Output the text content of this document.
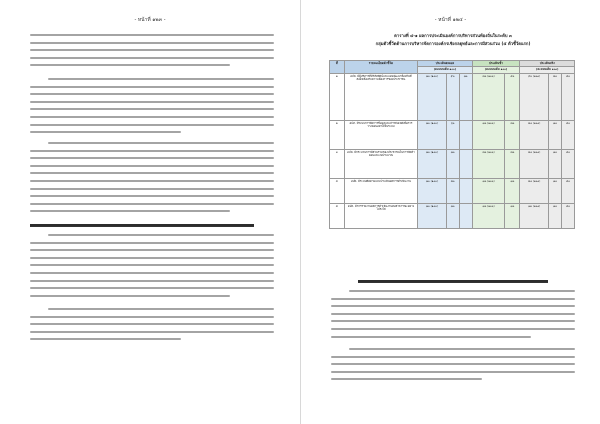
- หน้าที่ ๑๒๓ -	- หน้าที่ ๑๒๔ -
ตารางที่ ๔-๑ ผลการประเมินองค์การบริหารส่วนท้องถิ่นในระดับ ๓
กลุ่มตัวชี้วัดด้านการบริหารจัดการองค์กรเชิงกลยุทธ์และการมีส่วนร่วม (๕ ตัวชี้วัดแรก)
ที่	รายละเอียดตัวชี้วัด	ประเมินตนเอง			ประเมินซ้ำ		ประเมินจริง		
		(คะแนนเต็ม ๑๐๐)			(คะแนนเต็ม ๑๐๐)		(คะแนนเต็ม ๑๐๐)		
๑	อปท. มีผู้บริหารที่มีวิสัยทัศน์และแผนพัฒนาท้องถิ่นที่สอดคล้องกับความต้องการของประชาชน	๗๐ (๑๐๐)	๙๐	๗๐	๘๐ (๑๐๐)	๕๐	๙๐ (๑๐๐)	๘๐	๕๐
๒	อปท. มีระบบการจัดการข้อมูลและสารสนเทศเพื่อการวางแผนอย่างเป็นระบบ	๗๐ (๑๐๐)	๖๐		๗๐ (๑๐๐)	๘๐	๘๐ (๑๐๐)	๗๐	๕๐
๓	อปท. มีกระบวนการมีส่วนร่วมของประชาชนในการจัดทำแผนและงบประมาณ	๗๐ (๑๐๐)	๗๐		๘๐ (๑๐๐)	๘๐	๘๐ (๑๐๐)	๗๐	๕๐
๔	อปท. มีระบบติดตามและประเมินผลการดำเนินงาน	๗๐ (๑๐๐)	๘๐		๗๐ (๑๐๐)	๗๐	๘๐ (๑๐๐)	๗๐	๕๐
๕	อปท. มีการรายงานผลการดำเนินงานต่อสาธารณะอย่างโปร่งใส	๗๐ (๑๐๐)	๗๐		๗๐ (๑๐๐)	๗๐	๗๐ (๑๐๐)	๗๐	๕๐
